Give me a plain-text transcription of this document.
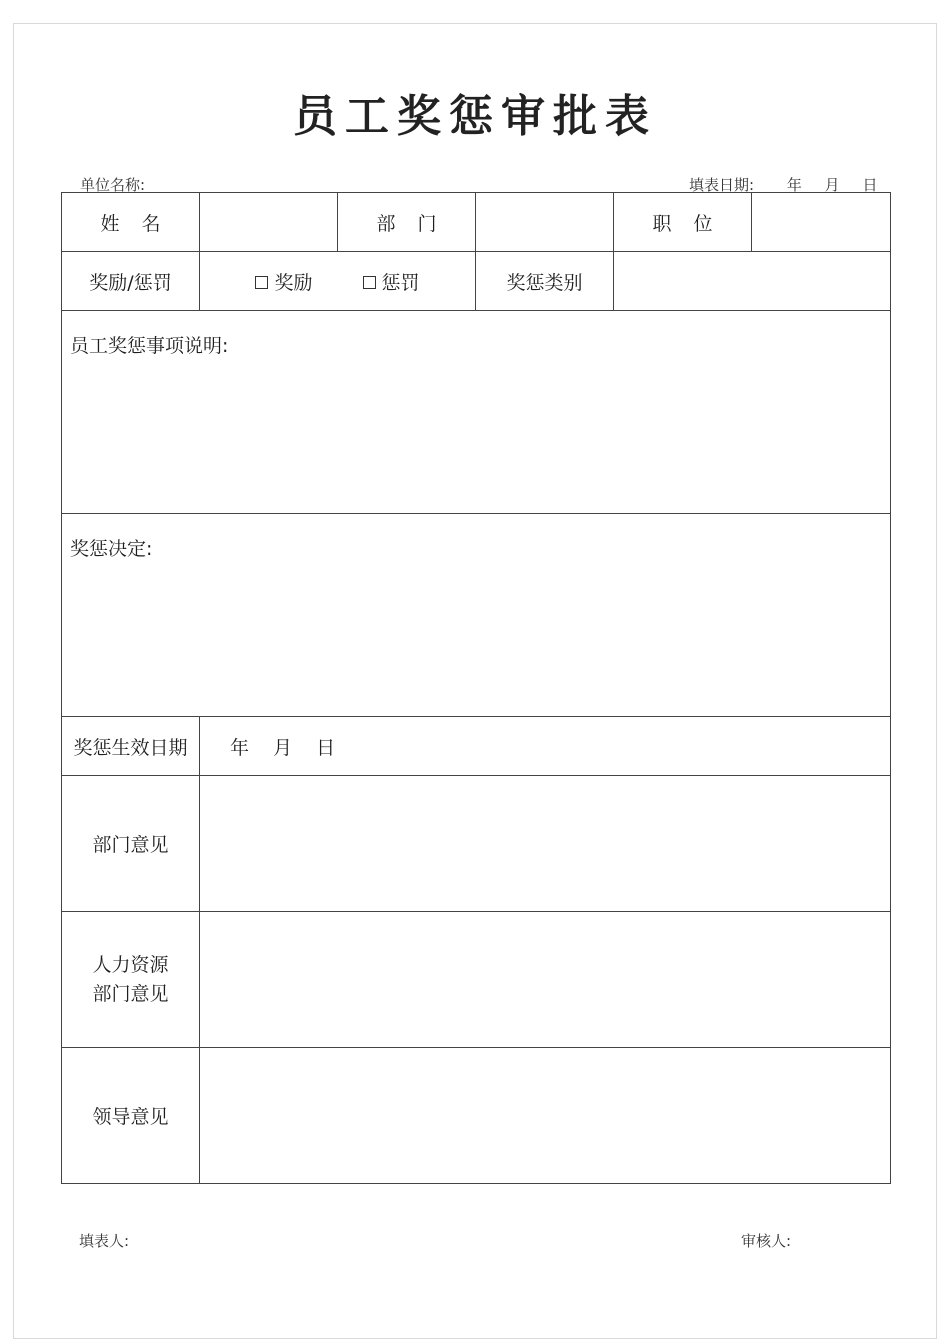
员工奖惩审批表
单位名称:	填表日期: 年 月 日
姓 名		部 门		职 位	
奖励/惩罚	奖励 惩罚		奖惩类别		
员工奖惩事项说明:					
奖惩决定:					
奖惩生效日期	年 月 日				
部门意见					
人力资源
部门意见					
领导意见					
填表人:	审核人:
